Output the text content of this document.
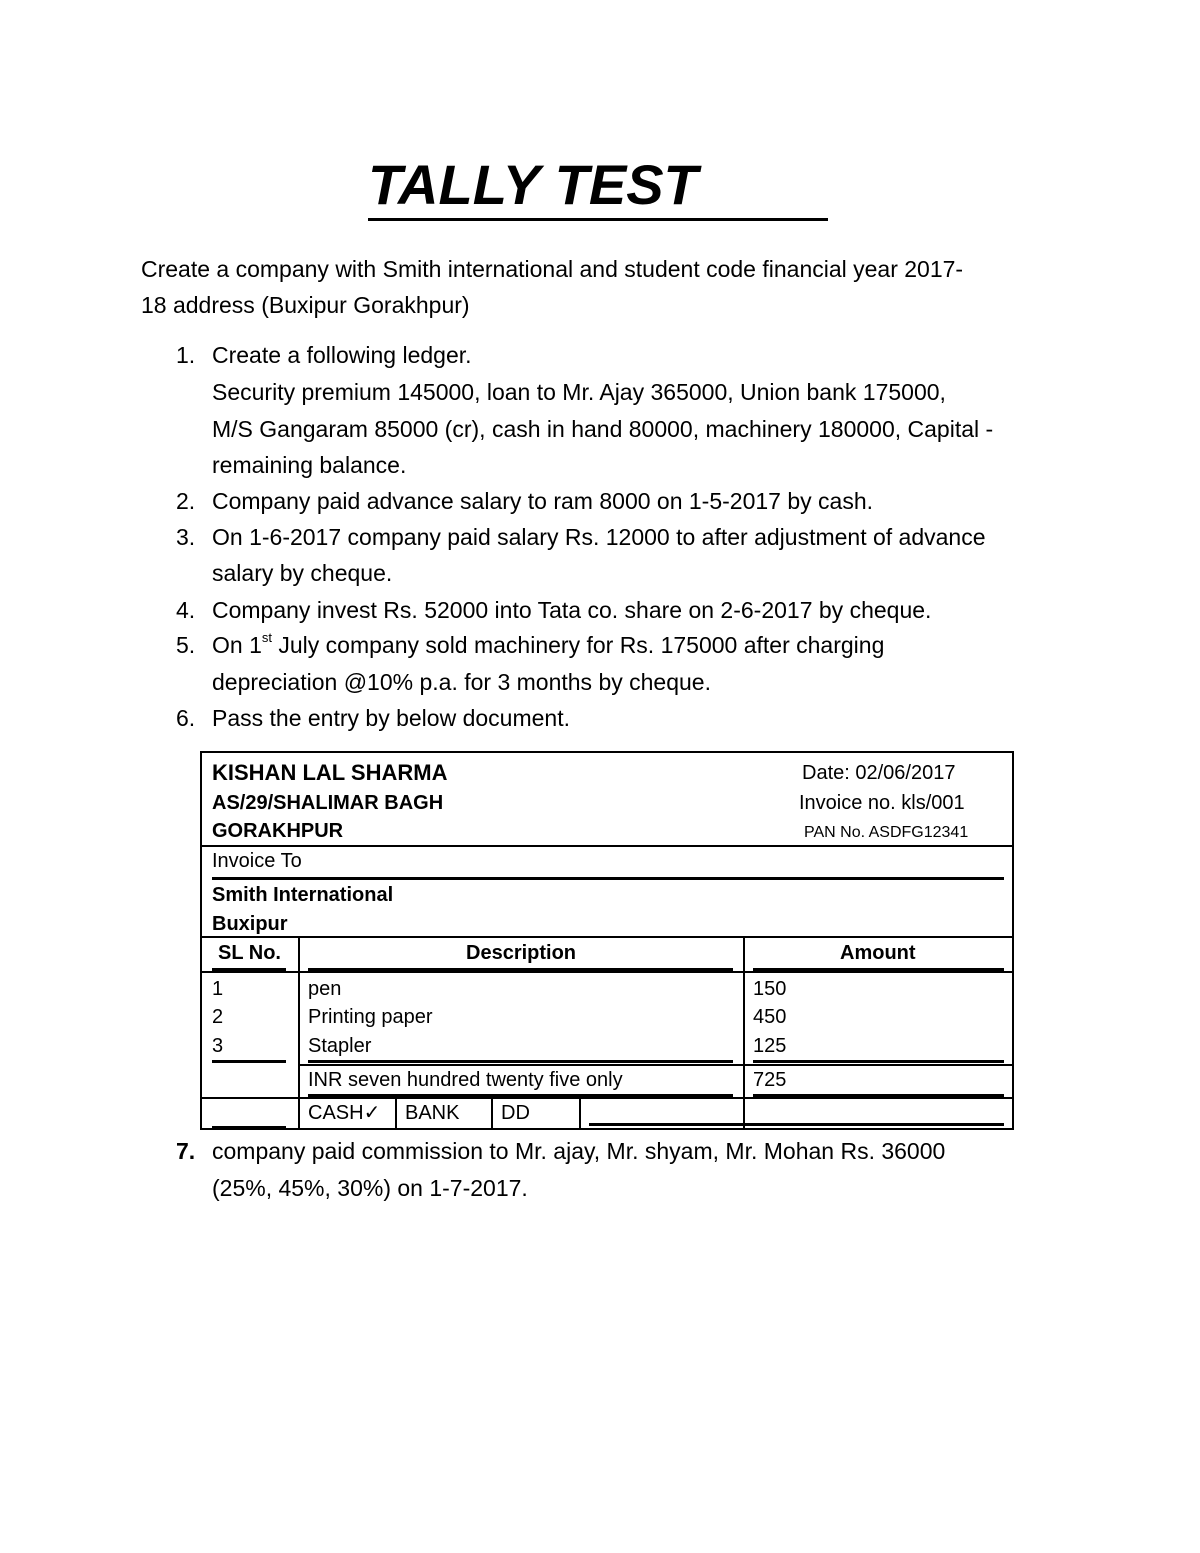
TALLY TEST
Create a company with Smith international and student code financial year 2017-
18 address (Buxipur Gorakhpur)
1. Create a following ledger.
Security premium 145000, loan to Mr. Ajay 365000, Union bank 175000,
M/S Gangaram 85000 (cr), cash in hand 80000, machinery 180000, Capital -
remaining balance.
2. Company paid advance salary to ram 8000 on 1-5-2017 by cash.
3. On 1-6-2017 company paid salary Rs. 12000 to after adjustment of advance
salary by cheque.
4. Company invest Rs. 52000 into Tata co. share on 2-6-2017 by cheque.
5. On 1st July company sold machinery for Rs. 175000 after charging
depreciation @10% p.a. for 3 months by cheque.
6. Pass the entry by below document.
KISHAN LAL SHARMA
AS/29/SHALIMAR BAGH
GORAKHPUR
Date: 02/06/2017
Invoice no. kls/001
PAN No. ASDFG12341
Invoice To
Smith International
Buxipur
SL No.	Description	Amount
1	pen	150
2	Printing paper	450
3	Stapler	125
INR seven hundred twenty five only	725
CASH✓ BANK DD
7. company paid commission to Mr. ajay, Mr. shyam, Mr. Mohan Rs. 36000
(25%, 45%, 30%) on 1-7-2017.
